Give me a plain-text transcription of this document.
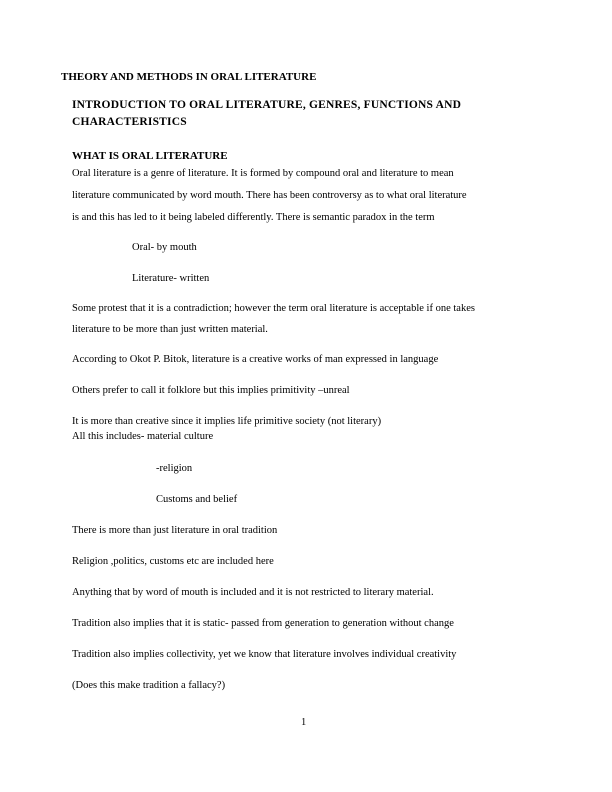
THEORY AND METHODS IN ORAL LITERATURE
INTRODUCTION TO ORAL LITERATURE, GENRES, FUNCTIONS AND
CHARACTERISTICS
WHAT IS ORAL LITERATURE
Oral literature is a genre of literature. It is formed by compound oral and literature to mean
literature communicated by word mouth. There has been controversy as to what oral literature
is and this has led to it being labeled differently. There is semantic paradox in the term
Oral- by mouth
Literature- written
Some protest that it is a contradiction; however the term oral literature is acceptable if one takes
literature to be more than just written material.
According to Okot P. Bitok, literature is a creative works of man expressed in language
Others prefer to call it folklore but this implies primitivity –unreal
It is more than creative since it implies life primitive society (not literary)
All this includes- material culture
-religion
Customs and belief
There is more than just literature in oral tradition
Religion ,politics, customs etc are included here
Anything that by word of mouth is included and it is not restricted to literary material.
Tradition also implies that it is static- passed from generation to generation without change
Tradition also implies collectivity, yet we know that literature involves individual creativity
(Does this make tradition a fallacy?)
1
